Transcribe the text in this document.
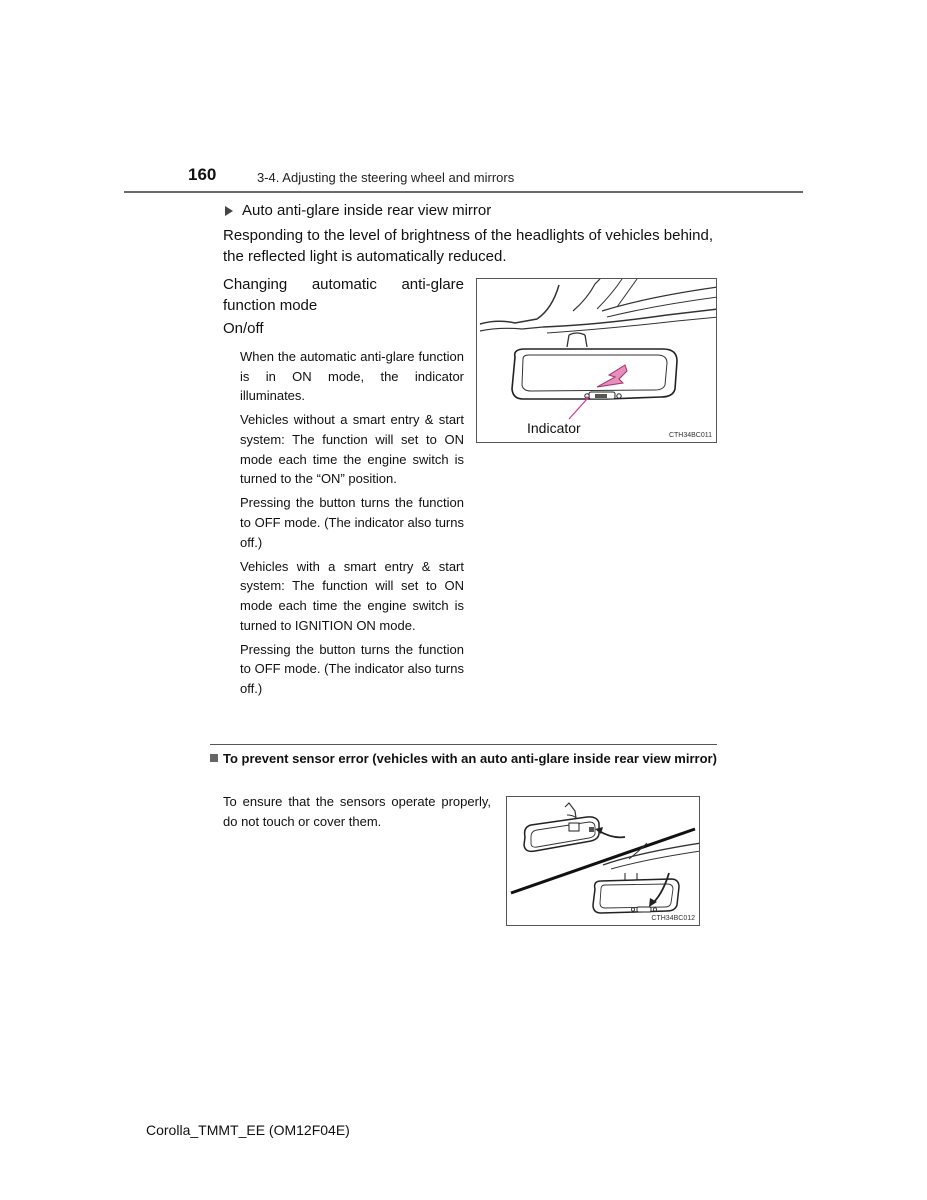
160	3-4. Adjusting the steering wheel and mirrors
Auto anti-glare inside rear view mirror

Responding to the level of brightness of the headlights of vehicles behind, the reflected light is automatically reduced.

Changing automatic anti-glare function mode

On/off

When the automatic anti-glare function is in ON mode, the indicator illuminates.

Vehicles without a smart entry & start system: The function will set to ON mode each time the engine switch is turned to the “ON” position.

Pressing the button turns the function to OFF mode. (The indicator also turns off.)

Vehicles with a smart entry & start system: The function will set to ON mode each time the engine switch is turned to IGNITION ON mode.

Pressing the button turns the function to OFF mode. (The indicator also turns off.)

Indicator	CTH34BC011
To prevent sensor error (vehicles with an auto anti-glare inside rear view mirror)

To ensure that the sensors operate properly, do not touch or cover them.

CTH34BC012
Corolla_TMMT_EE (OM12F04E)
